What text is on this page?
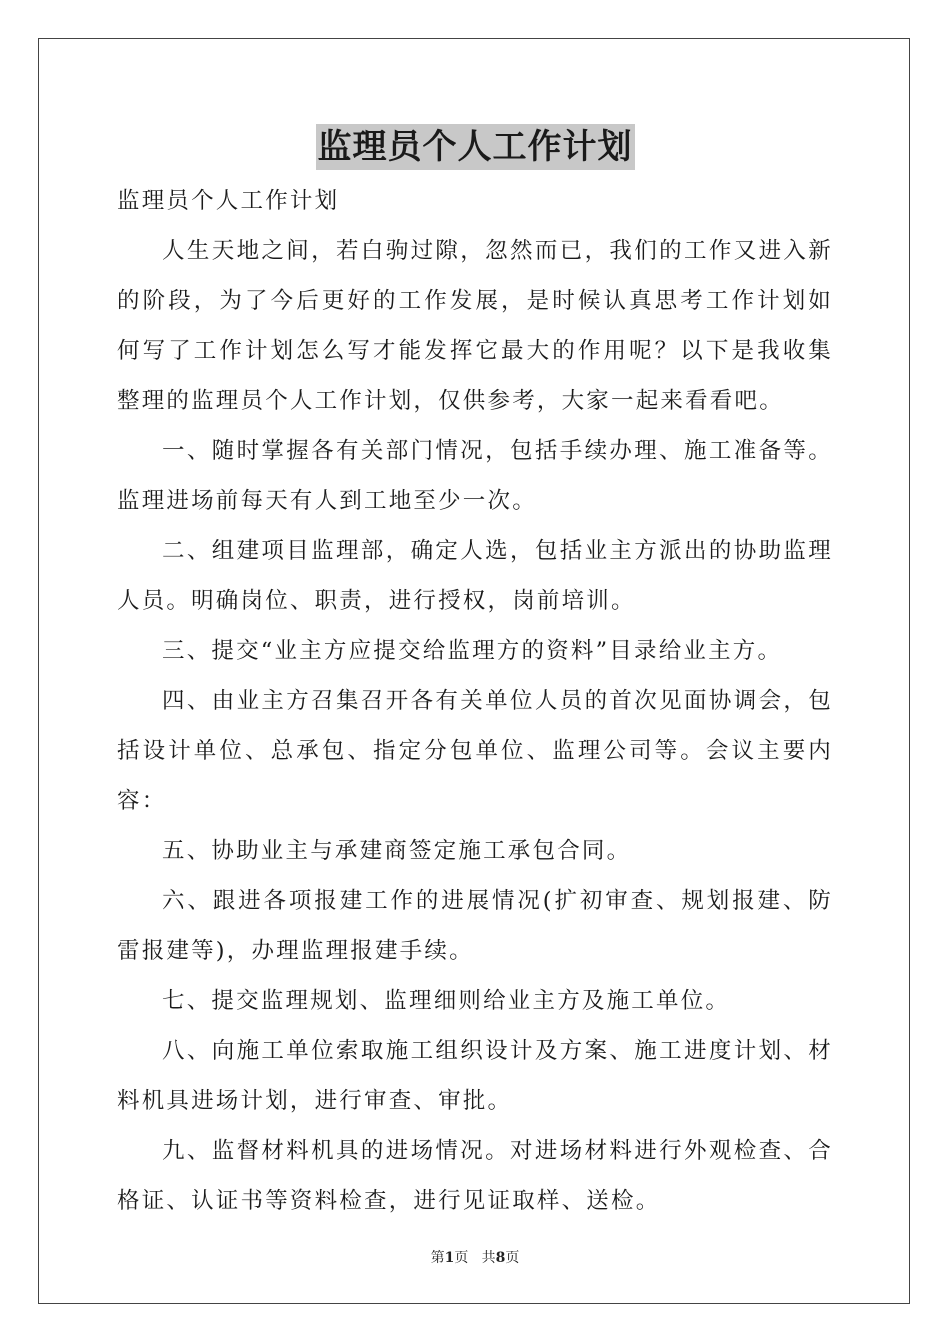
监理员个人工作计划

监理员个人工作计划

人生天地之间，若白驹过隙，忽然而已，我们的工作又进入新的阶段，为了今后更好的工作发展，是时候认真思考工作计划如何写了工作计划怎么写才能发挥它最大的作用呢？以下是我收集整理的监理员个人工作计划，仅供参考，大家一起来看看吧。

一、随时掌握各有关部门情况，包括手续办理、施工准备等。监理进场前每天有人到工地至少一次。

二、组建项目监理部，确定人选，包括业主方派出的协助监理人员。明确岗位、职责，进行授权，岗前培训。

三、提交“业主方应提交给监理方的资料”目录给业主方。

四、由业主方召集召开各有关单位人员的首次见面协调会，包括设计单位、总承包、指定分包单位、监理公司等。会议主要内容：

五、协助业主与承建商签定施工承包合同。

六、跟进各项报建工作的进展情况(扩初审查、规划报建、防雷报建等)，办理监理报建手续。

七、提交监理规划、监理细则给业主方及施工单位。

八、向施工单位索取施工组织设计及方案、施工进度计划、材料机具进场计划，进行审查、审批。

九、监督材料机具的进场情况。对进场材料进行外观检查、合格证、认证书等资料检查，进行见证取样、送检。

第1页 共8页
